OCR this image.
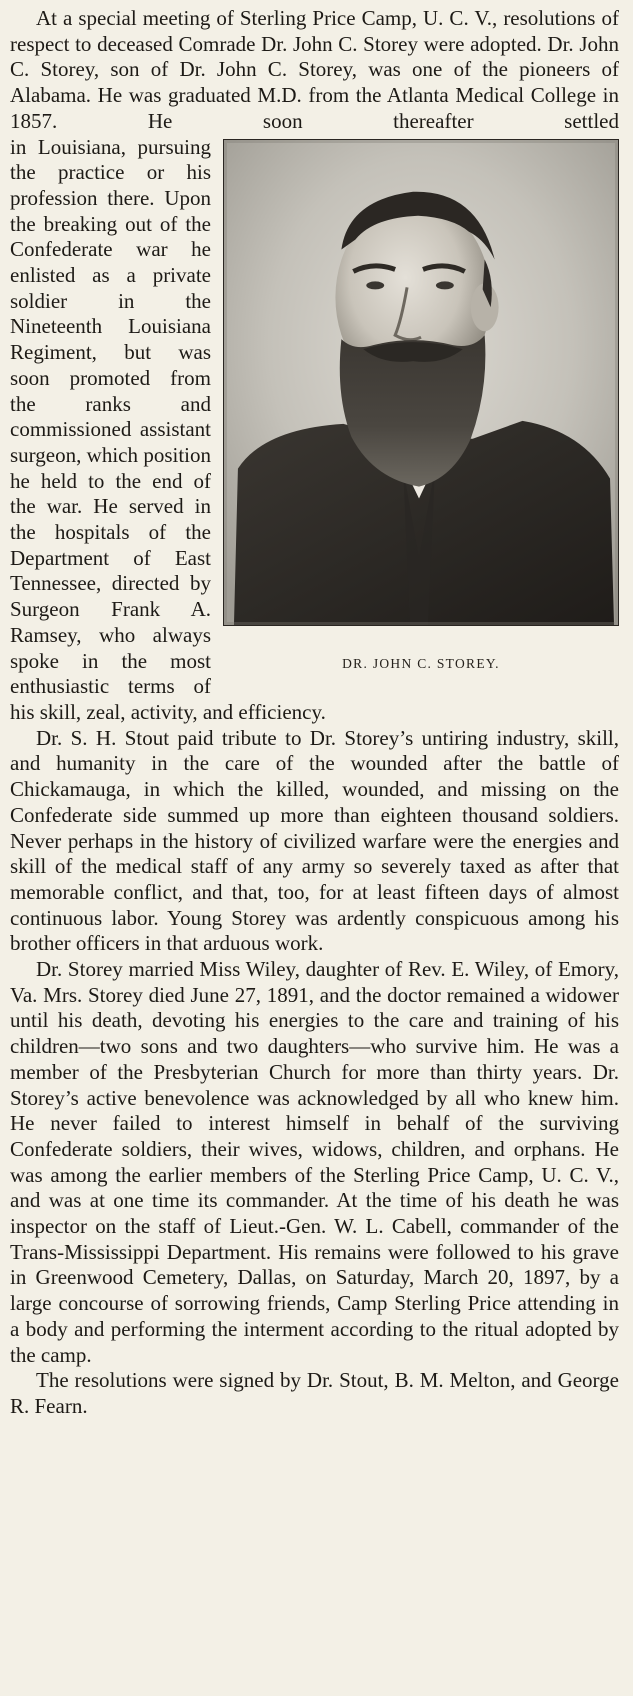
At a special meeting of Sterling Price Camp, U. C. V., resolutions of respect to deceased Comrade Dr. John C. Storey were adopted. Dr. John C. Storey, son of Dr. John C. Storey, was one of the pioneers of Alabama. He was graduated M.D. from the Atlanta Medical College in 1857. He soon thereafter settled

DR. JOHN C. STOREY.
in Louisiana, pursuing the practice or his profession there. Upon the breaking out of the Confederate war he enlisted as a private soldier in the Nineteenth Louisiana Regiment, but was soon promoted from the ranks and commissioned assistant surgeon, which position he held to the end of the war. He served in the hospitals of the Department of East Tennessee, directed by Surgeon Frank A. Ramsey, who always spoke in the most enthusiastic terms of his skill, zeal, activity, and efficiency.

Dr. S. H. Stout paid tribute to Dr. Storey’s untiring industry, skill, and humanity in the care of the wounded after the battle of Chickamauga, in which the killed, wounded, and missing on the Confederate side summed up more than eighteen thousand soldiers. Never perhaps in the history of civilized warfare were the energies and skill of the medical staff of any army so severely taxed as after that memorable conflict, and that, too, for at least fifteen days of almost continuous labor. Young Storey was ardently conspicuous among his brother officers in that arduous work.

Dr. Storey married Miss Wiley, daughter of Rev. E. Wiley, of Emory, Va. Mrs. Storey died June 27, 1891, and the doctor remained a widower until his death, devoting his energies to the care and training of his children—two sons and two daughters—who survive him. He was a member of the Presbyterian Church for more than thirty years. Dr. Storey’s active benevolence was acknowledged by all who knew him. He never failed to interest himself in behalf of the surviving Confederate soldiers, their wives, widows, children, and orphans. He was among the earlier members of the Sterling Price Camp, U. C. V., and was at one time its commander. At the time of his death he was inspector on the staff of Lieut.-Gen. W. L. Cabell, commander of the Trans-Mississippi Department. His remains were followed to his grave in Greenwood Cemetery, Dallas, on Saturday, March 20, 1897, by a large concourse of sorrowing friends, Camp Sterling Price attending in a body and performing the interment according to the ritual adopted by the camp.

The resolutions were signed by Dr. Stout, B. M. Melton, and George R. Fearn.
